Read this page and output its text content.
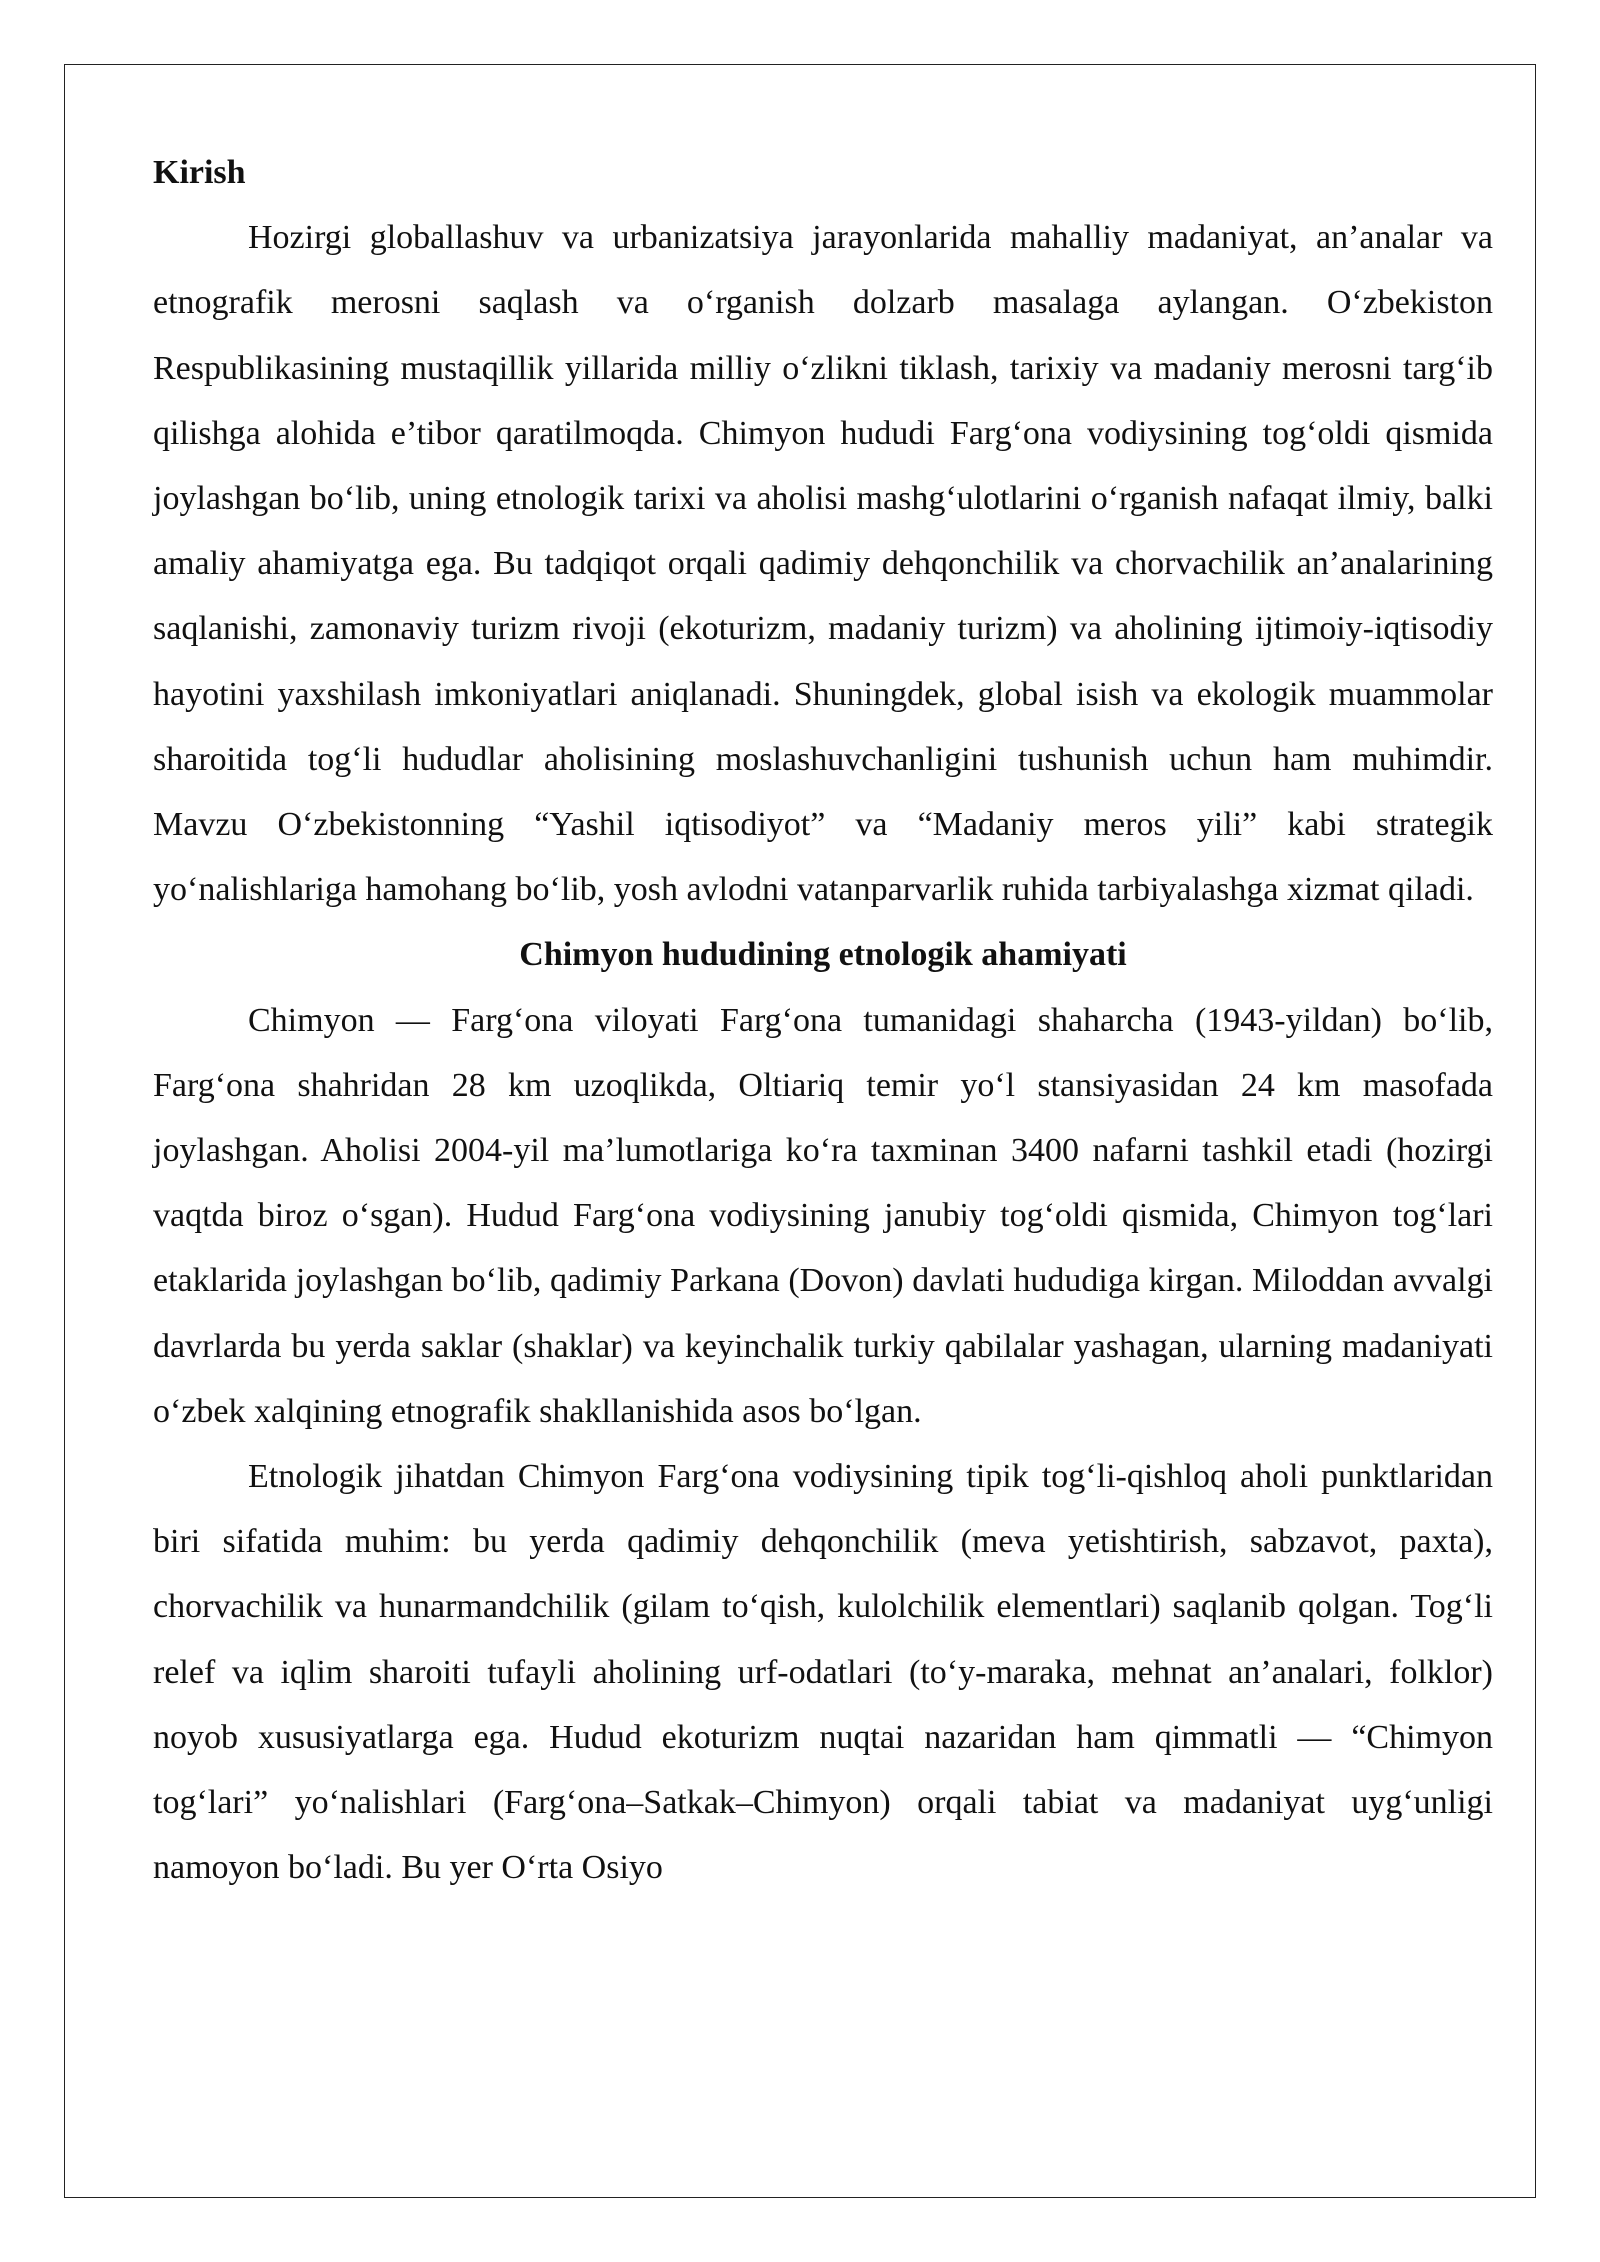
Kirish

Hozirgi globallashuv va urbanizatsiya jarayonlarida mahalliy madaniyat, an’analar va etnografik merosni saqlash va o‘rganish dolzarb masalaga aylangan. O‘zbekiston Respublikasining mustaqillik yillarida milliy o‘zlikni tiklash, tarixiy va madaniy merosni targ‘ib qilishga alohida e’tibor qaratilmoqda. Chimyon hududi Farg‘ona vodiysining tog‘oldi qismida joylashgan bo‘lib, uning etnologik tarixi va aholisi mashg‘ulotlarini o‘rganish nafaqat ilmiy, balki amaliy ahamiyatga ega. Bu tadqiqot orqali qadimiy dehqonchilik va chorvachilik an’analarining saqlanishi, zamonaviy turizm rivoji (ekoturizm, madaniy turizm) va aholining ijtimoiy-iqtisodiy hayotini yaxshilash imkoniyatlari aniqlanadi. Shuningdek, global isish va ekologik muammolar sharoitida tog‘li hududlar aholisining moslashuvchanligini tushunish uchun ham muhimdir. Mavzu O‘zbekistonning “Yashil iqtisodiyot” va “Madaniy meros yili” kabi strategik yo‘nalishlariga hamohang bo‘lib, yosh avlodni vatanparvarlik ruhida tarbiyalashga xizmat qiladi.

Chimyon hududining etnologik ahamiyati

Chimyon — Farg‘ona viloyati Farg‘ona tumanidagi shaharcha (1943-yildan) bo‘lib, Farg‘ona shahridan 28 km uzoqlikda, Oltiariq temir yo‘l stansiyasidan 24 km masofada joylashgan. Aholisi 2004-yil ma’lumotlariga ko‘ra taxminan 3400 nafarni tashkil etadi (hozirgi vaqtda biroz o‘sgan). Hudud Farg‘ona vodiysining janubiy tog‘oldi qismida, Chimyon tog‘lari etaklarida joylashgan bo‘lib, qadimiy Parkana (Dovon) davlati hududiga kirgan. Miloddan avvalgi davrlarda bu yerda saklar (shaklar) va keyinchalik turkiy qabilalar yashagan, ularning madaniyati o‘zbek xalqining etnografik shakllanishida asos bo‘lgan.

Etnologik jihatdan Chimyon Farg‘ona vodiysining tipik tog‘li-qishloq aholi punktlaridan biri sifatida muhim: bu yerda qadimiy dehqonchilik (meva yetishtirish, sabzavot, paxta), chorvachilik va hunarmandchilik (gilam to‘qish, kulolchilik elementlari) saqlanib qolgan. Tog‘li relef va iqlim sharoiti tufayli aholining urf-odatlari (to‘y-maraka, mehnat an’analari, folklor) noyob xususiyatlarga ega. Hudud ekoturizm nuqtai nazaridan ham qimmatli — “Chimyon tog‘lari” yo‘nalishlari (Farg‘ona–Satkak–Chimyon) orqali tabiat va madaniyat uyg‘unligi namoyon bo‘ladi. Bu yer O‘rta Osiyo
